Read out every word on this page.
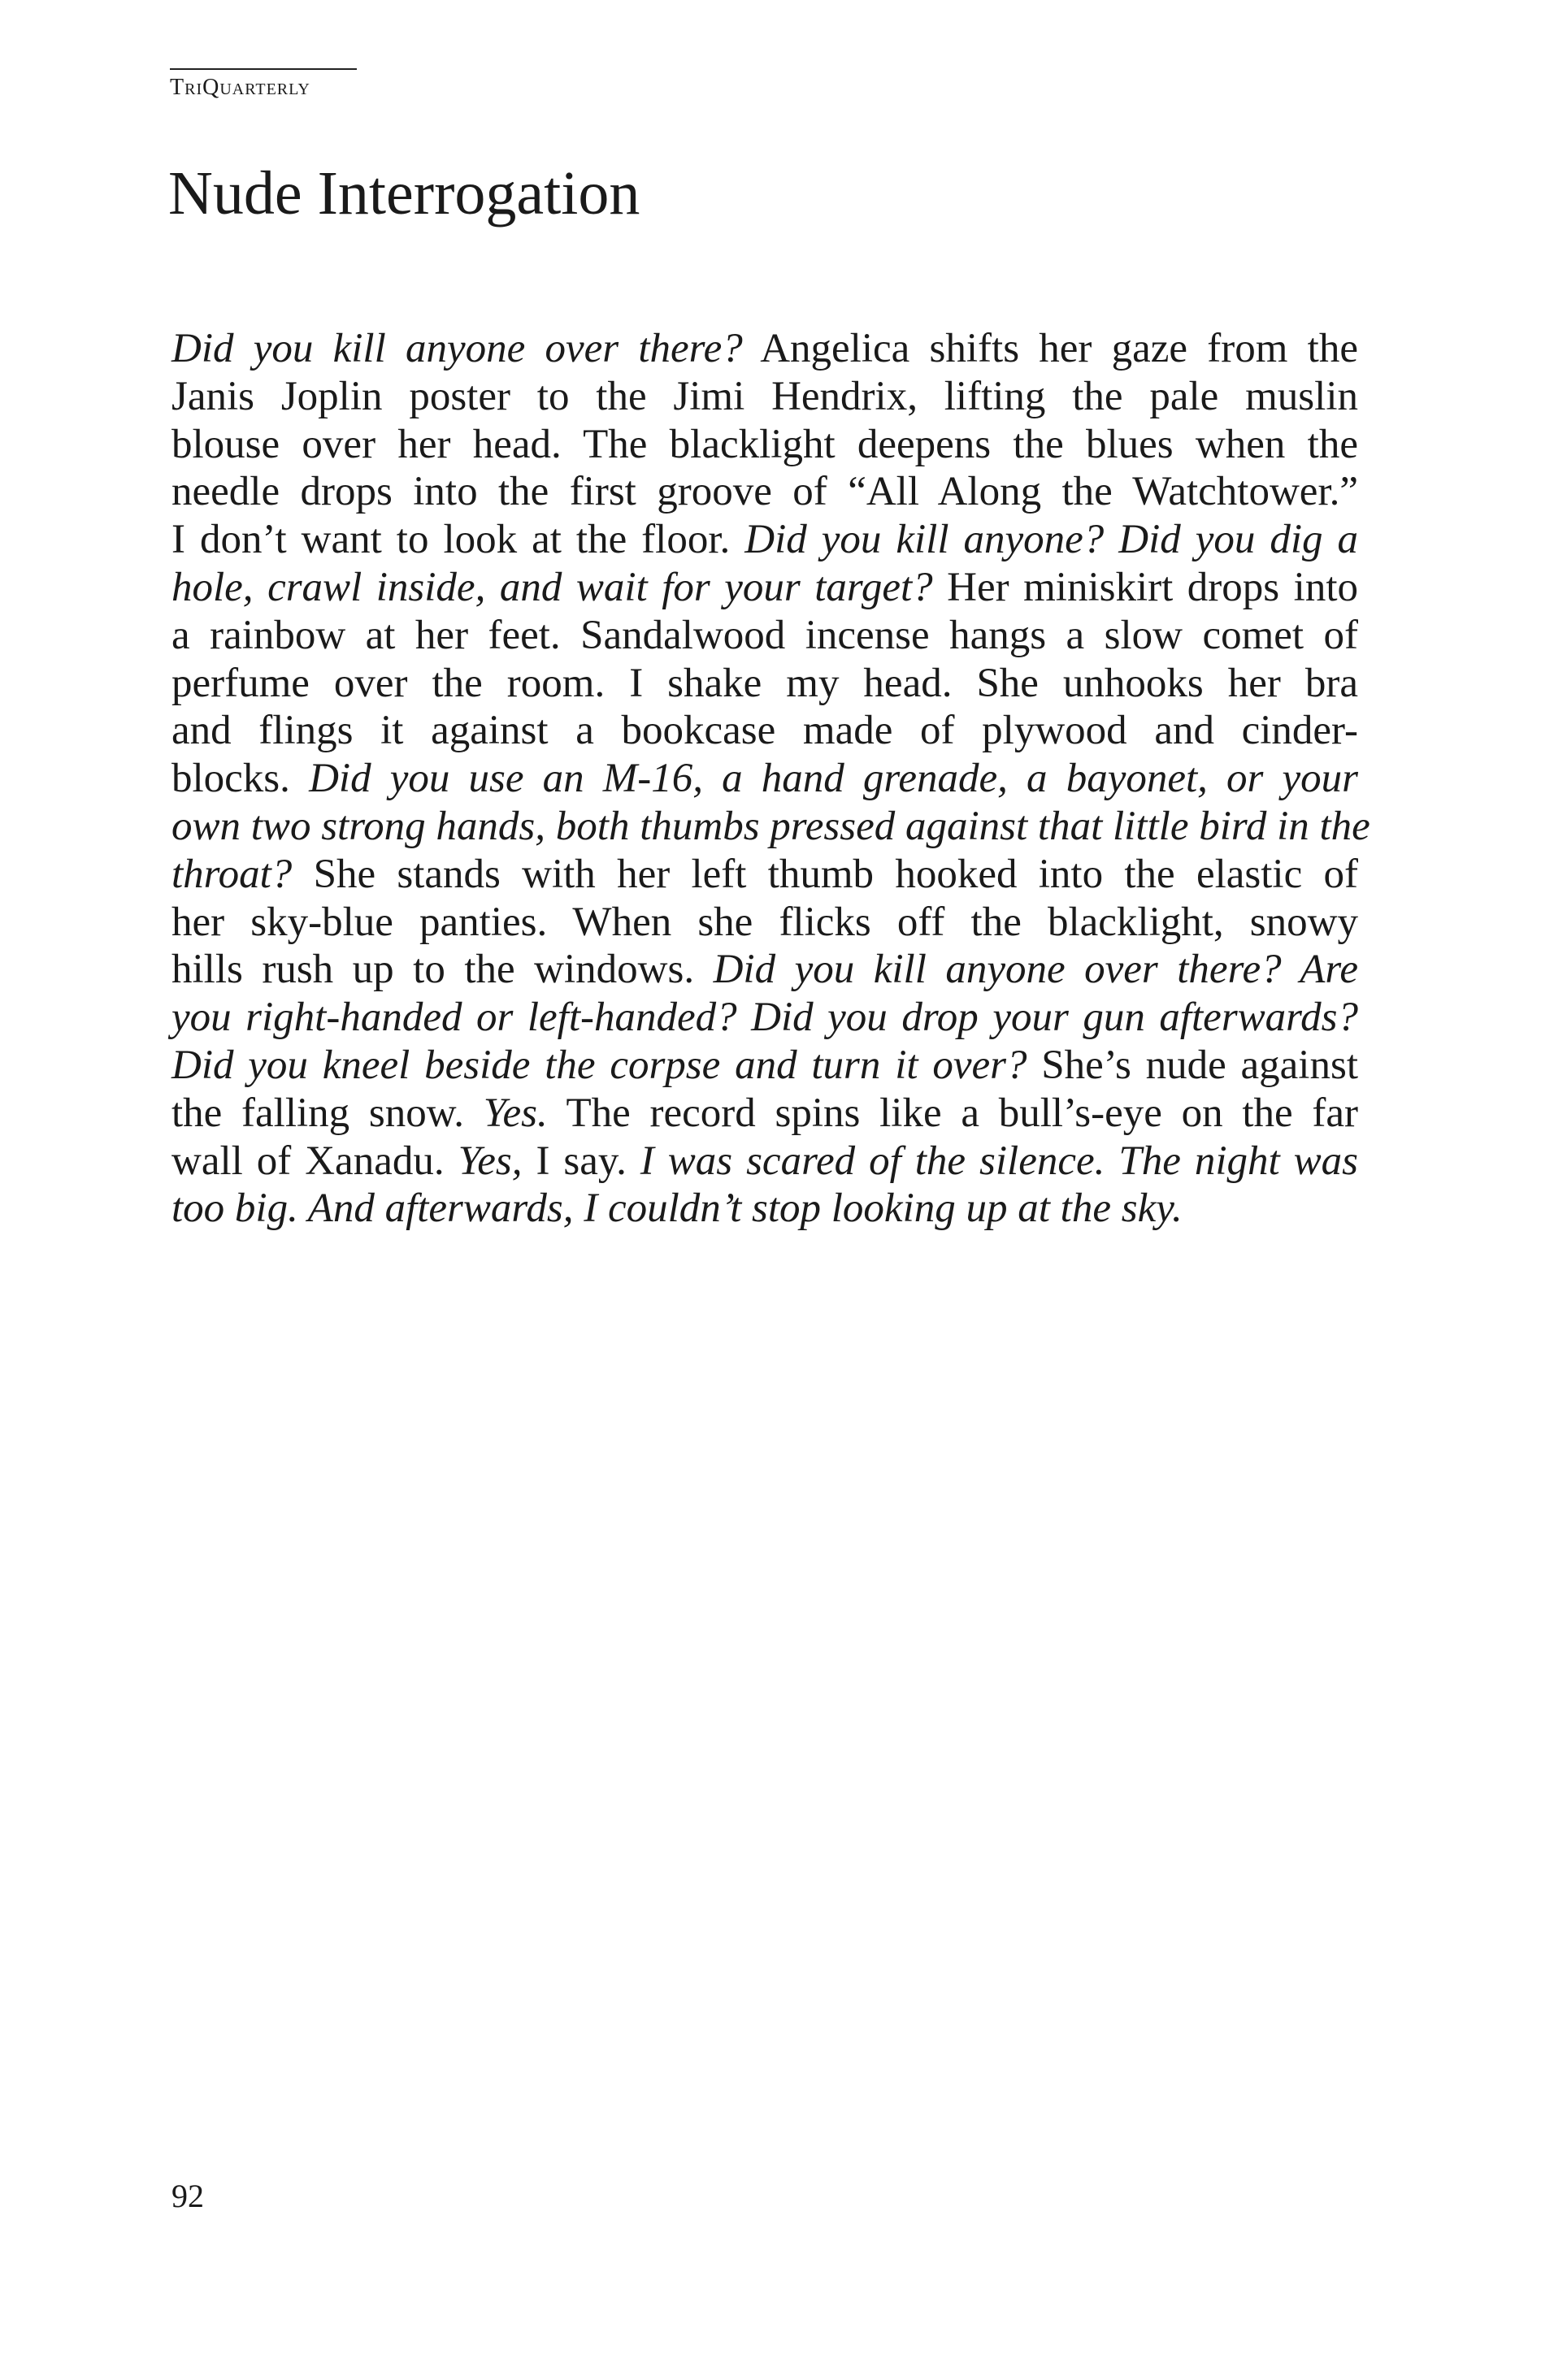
TriQuarterly
Nude Interrogation
Did you kill anyone over there? Angelica shifts her gaze from the
Janis Joplin poster to the Jimi Hendrix, lifting the pale muslin
blouse over her head. The blacklight deepens the blues when the
needle drops into the first groove of “All Along the Watchtower.”
I don’t want to look at the floor. Did you kill anyone? Did you dig a
hole, crawl inside, and wait for your target? Her miniskirt drops into
a rainbow at her feet. Sandalwood incense hangs a slow comet of
perfume over the room. I shake my head. She unhooks her bra
and flings it against a bookcase made of plywood and cinder-
blocks. Did you use an M-16, a hand grenade, a bayonet, or your
own two strong hands, both thumbs pressed against that little bird in the
throat? She stands with her left thumb hooked into the elastic of
her sky-blue panties. When she flicks off the blacklight, snowy
hills rush up to the windows. Did you kill anyone over there? Are
you right-handed or left-handed? Did you drop your gun afterwards?
Did you kneel beside the corpse and turn it over? She’s nude against
the falling snow. Yes. The record spins like a bull’s-eye on the far
wall of Xanadu. Yes, I say. I was scared of the silence. The night was
too big. And afterwards, I couldn’t stop looking up at the sky.
92
